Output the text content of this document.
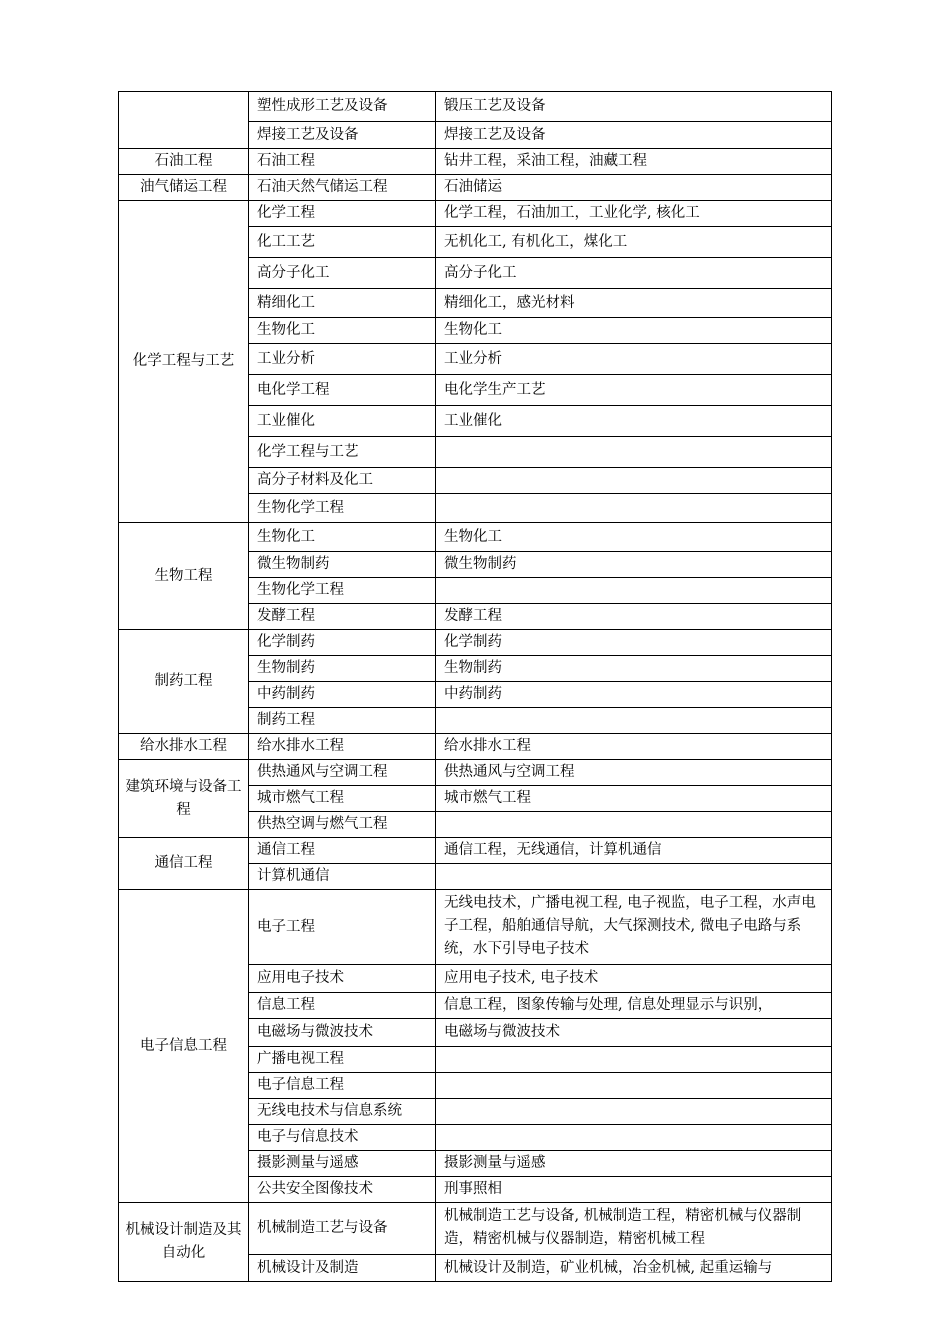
	塑性成形工艺及设备	锻压工艺及设备
	焊接工艺及设备	焊接工艺及设备
石油工程	石油工程	钻井工程，采油工程，油藏工程
油气储运工程	石油天然气储运工程	石油储运
化学工程与工艺	化学工程	化学工程，石油加工，工业化学, 核化工
	化工工艺	无机化工, 有机化工，煤化工
	高分子化工	高分子化工
	精细化工	精细化工，感光材料
	生物化工	生物化工
	工业分析	工业分析
	电化学工程	电化学生产工艺
	工业催化	工业催化
	化学工程与工艺	
	高分子材料及化工	
	生物化学工程	
生物工程	生物化工	生物化工
	微生物制药	微生物制药
	生物化学工程	
	发酵工程	发酵工程
制药工程	化学制药	化学制药
	生物制药	生物制药
	中药制药	中药制药
	制药工程	
给水排水工程	给水排水工程	给水排水工程
建筑环境与设备工程	供热通风与空调工程	供热通风与空调工程
	城市燃气工程	城市燃气工程
	供热空调与燃气工程	
通信工程	通信工程	通信工程，无线通信，计算机通信
	计算机通信	
电子信息工程	电子工程	无线电技术，广播电视工程, 电子视监，电子工程，水声电子工程，船舶通信导航，大气探测技术, 微电子电路与系统，水下引导电子技术
	应用电子技术	应用电子技术, 电子技术
	信息工程	信息工程，图象传输与处理, 信息处理显示与识别，
	电磁场与微波技术	电磁场与微波技术
	广播电视工程	
	电子信息工程	
	无线电技术与信息系统	
	电子与信息技术	
	摄影测量与遥感	摄影测量与遥感
	公共安全图像技术	刑事照相
机械设计制造及其自动化	机械制造工艺与设备	机械制造工艺与设备, 机械制造工程，精密机械与仪器制造，精密机械与仪器制造，精密机械工程
	机械设计及制造	机械设计及制造，矿业机械，冶金机械, 起重运输与
